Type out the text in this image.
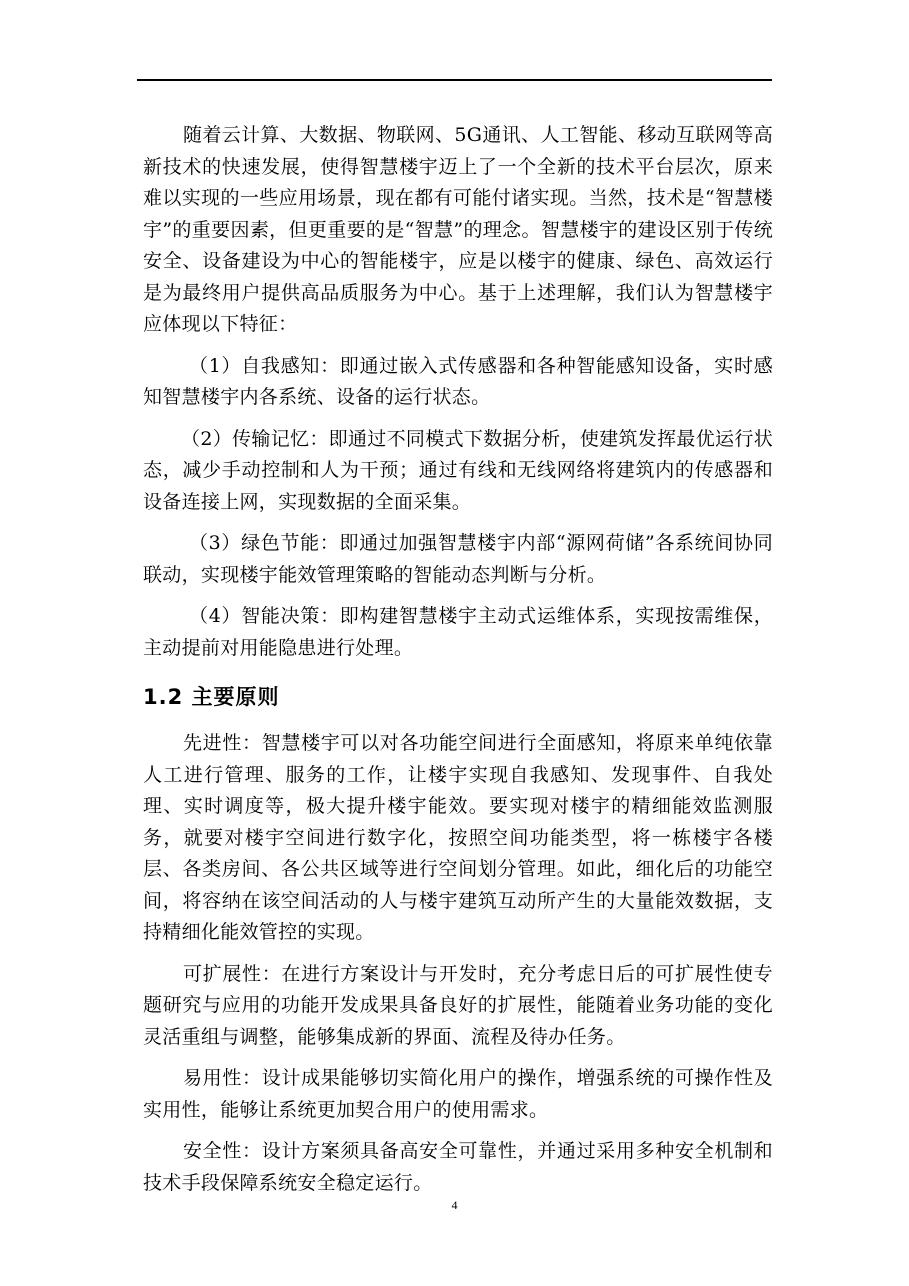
随着云计算、大数据、物联网、5G通讯、人工智能、移动互联网等高新技术的快速发展，使得智慧楼宇迈上了一个全新的技术平台层次，原来难以实现的一些应用场景，现在都有可能付诸实现。当然，技术是“智慧楼宇”的重要因素，但更重要的是“智慧”的理念。智慧楼宇的建设区别于传统安全、设备建设为中心的智能楼宇，应是以楼宇的健康、绿色、高效运行是为最终用户提供高品质服务为中心。基于上述理解，我们认为智慧楼宇应体现以下特征：

（1）自我感知：即通过嵌入式传感器和各种智能感知设备，实时感知智慧楼宇内各系统、设备的运行状态。

（2）传输记忆：即通过不同模式下数据分析，使建筑发挥最优运行状态，减少手动控制和人为干预；通过有线和无线网络将建筑内的传感器和设备连接上网，实现数据的全面采集。

（3）绿色节能：即通过加强智慧楼宇内部“源网荷储”各系统间协同联动，实现楼宇能效管理策略的智能动态判断与分析。

（4）智能决策：即构建智慧楼宇主动式运维体系，实现按需维保，主动提前对用能隐患进行处理。

1.2 主要原则

先进性：智慧楼宇可以对各功能空间进行全面感知，将原来单纯依靠人工进行管理、服务的工作，让楼宇实现自我感知、发现事件、自我处理、实时调度等，极大提升楼宇能效。要实现对楼宇的精细能效监测服务，就要对楼宇空间进行数字化，按照空间功能类型，将一栋楼宇各楼层、各类房间、各公共区域等进行空间划分管理。如此，细化后的功能空间，将容纳在该空间活动的人与楼宇建筑互动所产生的大量能效数据，支持精细化能效管控的实现。

可扩展性：在进行方案设计与开发时，充分考虑日后的可扩展性使专题研究与应用的功能开发成果具备良好的扩展性，能随着业务功能的变化灵活重组与调整，能够集成新的界面、流程及待办任务。

易用性：设计成果能够切实简化用户的操作，增强系统的可操作性及实用性，能够让系统更加契合用户的使用需求。

安全性：设计方案须具备高安全可靠性，并通过采用多种安全机制和技术手段保障系统安全稳定运行。

4
